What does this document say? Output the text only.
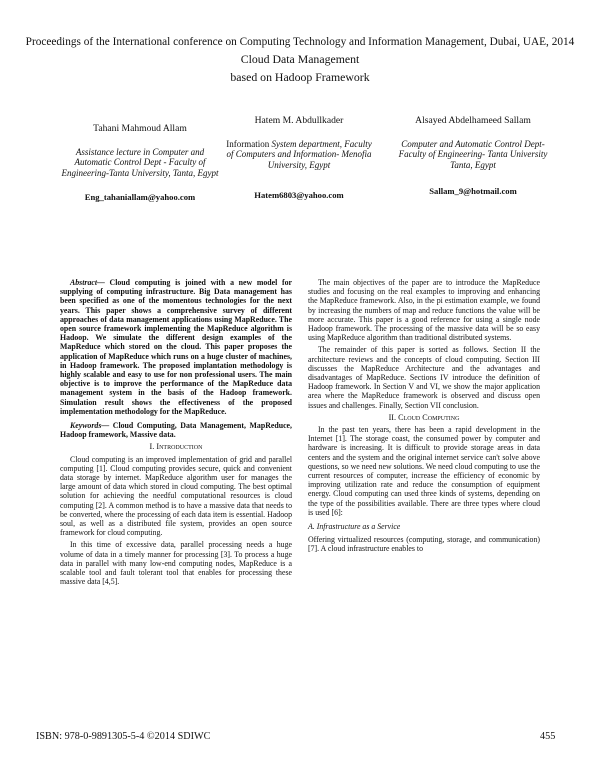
Proceedings of the International conference on Computing Technology and Information Management, Dubai, UAE, 2014
Cloud Data Management
based on Hadoop Framework
Tahani Mahmoud Allam
Assistance lecture in Computer and Automatic Control Dept - Faculty of Engineering-Tanta University, Tanta, Egypt
Eng_tahaniallam@yahoo.com
Hatem M. Abdullkader
Information System department, Faculty of Computers and Information- Menofia University, Egypt
Hatem6803@yahoo.com
Alsayed Abdelhameed Sallam
Computer and Automatic Control Dept- Faculty of Engineering- Tanta University Tanta, Egypt
Sallam_9@hotmail.com

Abstract— Cloud computing is joined with a new model for supplying of computing infrastructure. Big Data management has been specified as one of the momentous technologies for the next years. This paper shows a comprehensive survey of different approaches of data management applications using MapReduce. The open source framework implementing the MapReduce algorithm is Hadoop. We simulate the different design examples of the MapReduce which stored on the cloud. This paper proposes the application of MapReduce which runs on a huge cluster of machines, in Hadoop framework. The proposed implantation methodology is highly scalable and easy to use for non professional users. The main objective is to improve the performance of the MapReduce data management system in the basis of the Hadoop framework. Simulation result shows the effectiveness of the proposed implementation methodology for the MapReduce.

Keywords— Cloud Computing, Data Management, MapReduce, Hadoop framework, Massive data.

I. Introduction

Cloud computing is an improved implementation of grid and parallel computing [1]. Cloud computing provides secure, quick and convenient data storage by internet. MapReduce algorithm user for manages the large amount of data which stored in cloud computing. The best optimal solution for achieving the needful computational resources is cloud computing [2]. A common method is to have a massive data that needs to be converted, where the processing of each data item is essential. Hadoop soul, as well as a distributed file system, provides an open source framework for cloud computing.

In this time of excessive data, parallel processing needs a huge volume of data in a timely manner for processing [3]. To process a huge data in parallel with many low-end computing nodes, MapReduce is a scalable tool and fault tolerant tool that enables for processing these massive data [4,5].

The main objectives of the paper are to introduce the MapReduce studies and focusing on the real examples to improving and enhancing the MapReduce framework. Also, in the pi estimation example, we found by increasing the numbers of map and reduce functions the value will be more accurate. This paper is a good reference for using a single node Hadoop framework. The processing of the massive data will be so easy using MapReduce algorithm than traditional distributed systems.

The remainder of this paper is sorted as follows. Section II the architecture reviews and the concepts of cloud computing. Section III discusses the MapReduce Architecture and the advantages and disadvantages of MapReduce. Sections IV introduce the definition of Hadoop framework. In Section V and VI, we show the major application area where the MapReduce framework is observed and discuss open issues and challenges. Finally, Section VII conclusion.

II. Cloud Computing

In the past ten years, there has been a rapid development in the Internet [1]. The storage coast, the consumed power by computer and hardware is increasing. It is difficult to provide storage areas in data centers and the system and the original internet service can't solve above questions, so we need new solutions. We need cloud computing to use the current resources of computer, increase the efficiency of economic by improving utilization rate and reduce the consumption of equipment energy. Cloud computing can used three kinds of systems, depending on the type of the possibilities available. There are three types where cloud is used [6]:

A. Infrastructure as a Service

Offering virtualized resources (computing, storage, and communication) [7]. A cloud infrastructure enables to

ISBN: 978-0-9891305-5-4 ©2014 SDIWC	455
